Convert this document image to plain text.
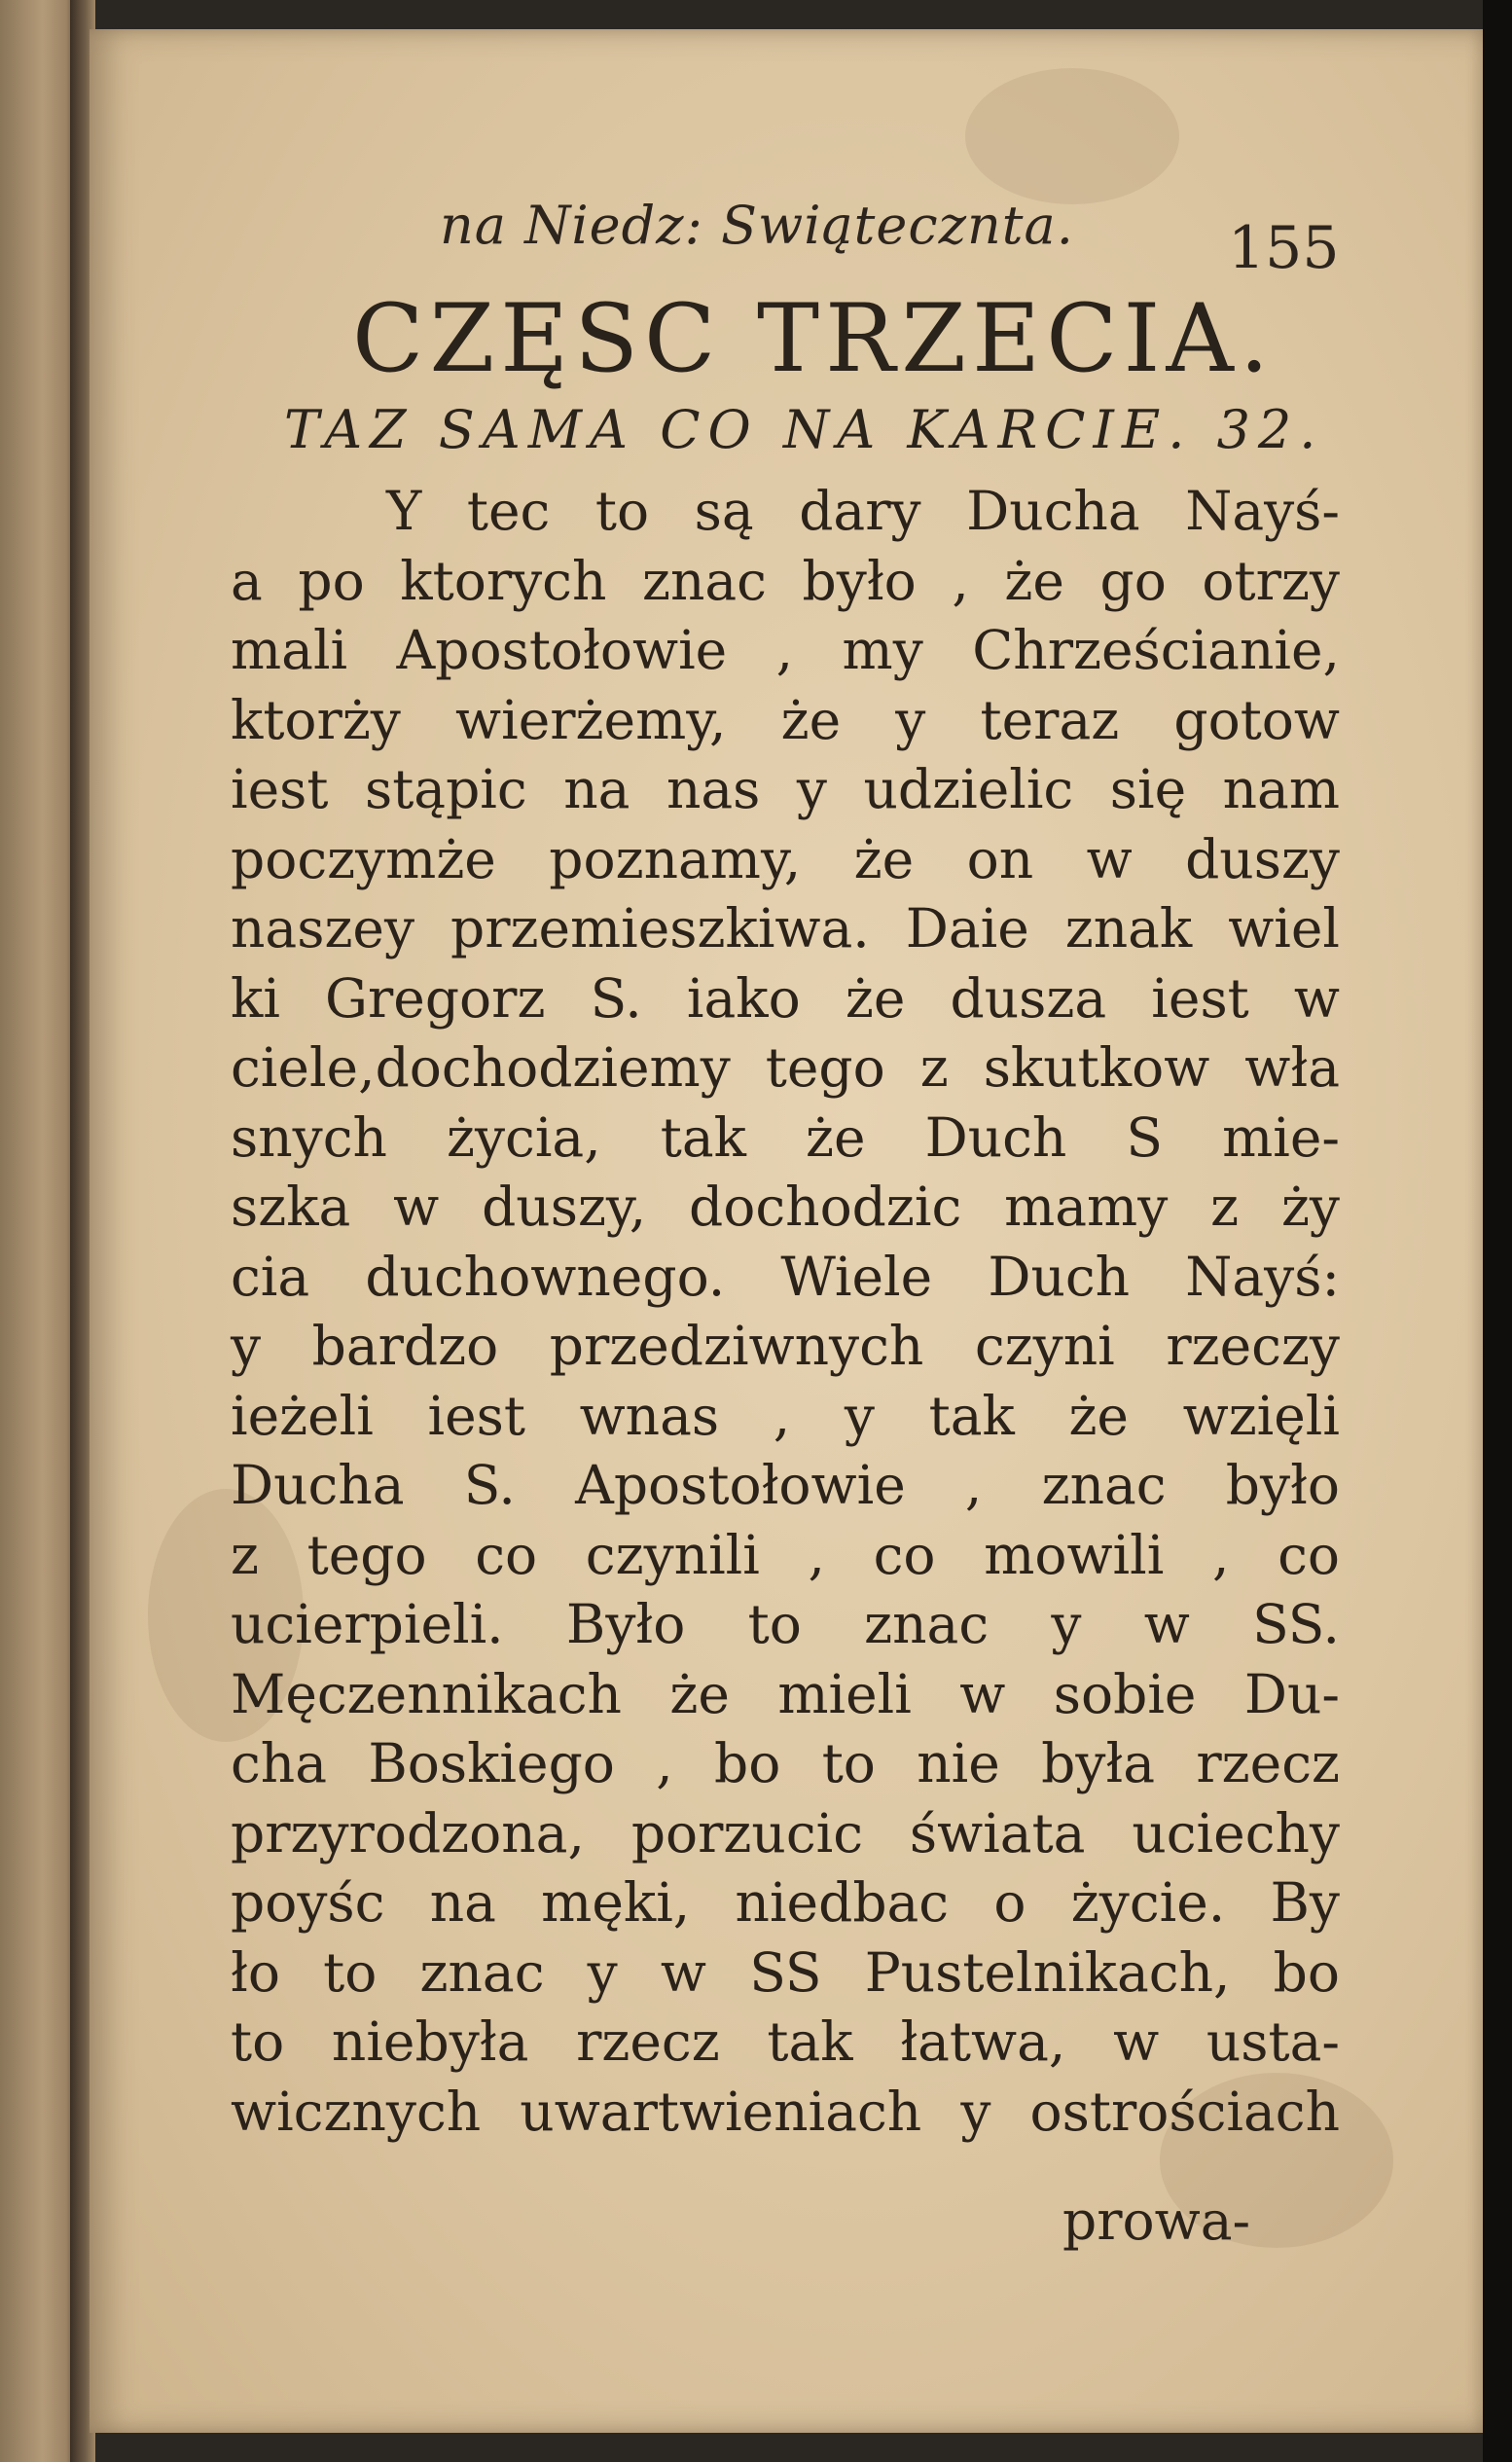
na Niedz: Swiątecznta.	155
CZĘSC TRZECIA.
TAZ SAMA CO NA KARCIE. 32.
Y tec to są dary Ducha Nayś-
a po ktorych znac było , że go otrzy
mali Apostołowie , my Chrześcianie,
ktorży wierżemy, że y teraz gotow
iest stąpic na nas y udzielic się nam
poczymże poznamy, że on w duszy
naszey przemieszkiwa. Daie znak wiel
ki Gregorz S. iako że dusza iest w
ciele,dochodziemy tego z skutkow wła
snych życia, tak że Duch S mie-
szka w duszy, dochodzic mamy z ży
cia duchownego. Wiele Duch Nayś:
y bardzo przedziwnych czyni rzeczy
ieżeli iest wnas , y tak że wzięli
Ducha S. Apostołowie , znac było
z tego co czynili , co mowili , co
ucierpieli. Było to znac y w SS.
Męczennikach że mieli w sobie Du-
cha Boskiego , bo to nie była rzecz
przyrodzona, porzucic świata uciechy
poyśc na męki, niedbac o życie. By
ło to znac y w SS Pustelnikach, bo
to niebyła rzecz tak łatwa, w usta-
wicznych uwartwieniach y ostrościach
prowa-
